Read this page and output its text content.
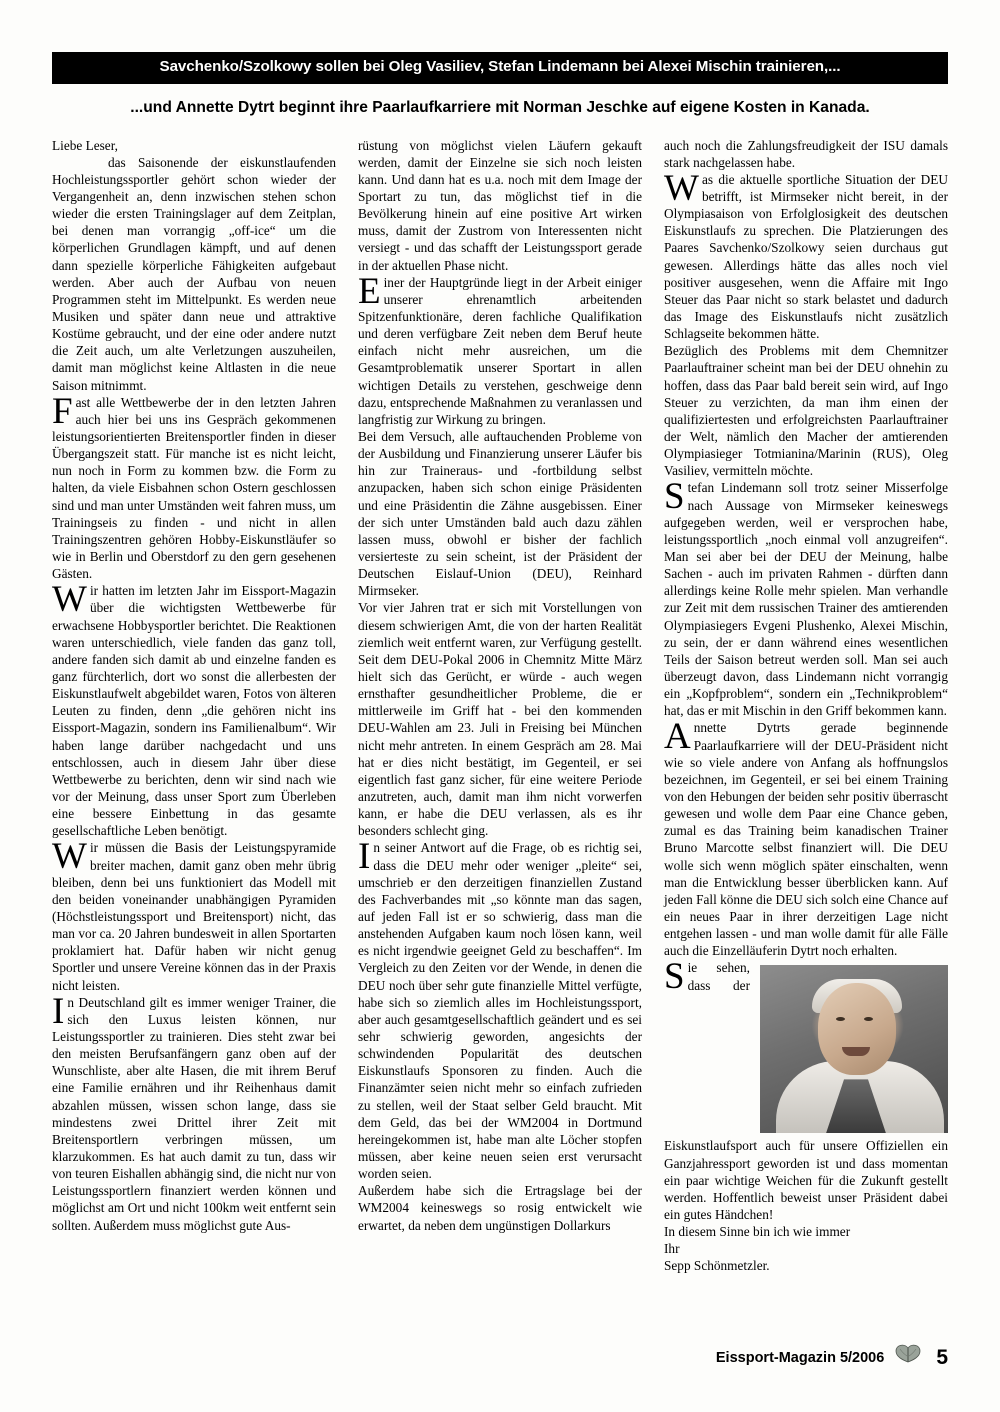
Savchenko/Szolkowy sollen bei Oleg Vasiliev, Stefan Lindemann bei Alexei Mischin trainieren,...
...und Annette Dytrt beginnt ihre Paarlaufkarriere mit Norman Jeschke auf eigene Kosten in Kanada.

Liebe Leser,

das Saisonende der eiskunstlaufenden Hochleistungssportler gehört schon wieder der Vergangenheit an, denn inzwischen stehen schon wieder die ersten Trainingslager auf dem Zeitplan, bei denen man vorrangig „off-ice“ um die körperlichen Grundlagen kämpft, und auf denen dann spezielle körperliche Fähigkeiten aufgebaut werden. Aber auch der Aufbau von neuen Programmen steht im Mittelpunkt. Es werden neue Musiken und später dann neue und attraktive Kostüme gebraucht, und der eine oder andere nutzt die Zeit auch, um alte Verletzungen auszuheilen, damit man möglichst keine Altlasten in die neue Saison mitnimmt.

Fast alle Wettbewerbe der in den letzten Jahren auch hier bei uns ins Gespräch gekommenen leistungsorientierten Breitensportler finden in dieser Übergangszeit statt. Für manche ist es nicht leicht, nun noch in Form zu kommen bzw. die Form zu halten, da viele Eisbahnen schon Ostern geschlossen sind und man unter Umständen weit fahren muss, um Trainingseis zu finden - und nicht in allen Trainingszentren gehören Hobby-Eiskunstläufer so wie in Berlin und Oberstdorf zu den gern gesehenen Gästen.

Wir hatten im letzten Jahr im Eissport-Magazin über die wichtigsten Wettbewerbe für erwachsene Hobbysportler berichtet. Die Reaktionen waren unterschiedlich, viele fanden das ganz toll, andere fanden sich damit ab und einzelne fanden es ganz fürchterlich, dort wo sonst die allerbesten der Eiskunstlaufwelt abgebildet waren, Fotos von älteren Leuten zu finden, denn „die gehören nicht ins Eissport-Magazin, sondern ins Familienalbum“. Wir haben lange darüber nachgedacht und uns entschlossen, auch in diesem Jahr über diese Wettbewerbe zu berichten, denn wir sind nach wie vor der Meinung, dass unser Sport zum Überleben eine bessere Einbettung in das gesamte gesellschaftliche Leben benötigt.

Wir müssen die Basis der Leistungspyramide breiter machen, damit ganz oben mehr übrig bleiben, denn bei uns funktioniert das Modell mit den beiden voneinander unabhängigen Pyramiden (Höchstleistungssport und Breitensport) nicht, das man vor ca. 20 Jahren bundesweit in allen Sportarten proklamiert hat. Dafür haben wir nicht genug Sportler und unsere Vereine können das in der Praxis nicht leisten.

In Deutschland gilt es immer weniger Trainer, die sich den Luxus leisten können, nur Leistungssportler zu trainieren. Dies steht zwar bei den meisten Berufsanfängern ganz oben auf der Wunschliste, aber alte Hasen, die mit ihrem Beruf eine Familie ernähren und ihr Reihenhaus damit abzahlen müssen, wissen schon lange, dass sie mindestens zwei Drittel ihrer Zeit mit Breitensportlern verbringen müssen, um klarzukommen. Es hat auch damit zu tun, dass wir von teuren Eishallen abhängig sind, die nicht nur von Leistungssportlern finanziert werden können und möglichst am Ort und nicht 100km weit entfernt sein sollten. Außerdem muss möglichst gute Aus-

rüstung von möglichst vielen Läufern gekauft werden, damit der Einzelne sie sich noch leisten kann. Und dann hat es u.a. noch mit dem Image der Sportart zu tun, das möglichst tief in die Bevölkerung hinein auf eine positive Art wirken muss, damit der Zustrom von Interessenten nicht versiegt - und das schafft der Leistungssport gerade in der aktuellen Phase nicht.

Einer der Hauptgründe liegt in der Arbeit einiger unserer ehrenamtlich arbeitenden Spitzenfunktionäre, deren fachliche Qualifikation und deren verfügbare Zeit neben dem Beruf heute einfach nicht mehr ausreichen, um die Gesamtproblematik unserer Sportart in allen wichtigen Details zu verstehen, geschweige denn dazu, entsprechende Maßnahmen zu veranlassen und langfristig zur Wirkung zu bringen.

Bei dem Versuch, alle auftauchenden Probleme von der Ausbildung und Finanzierung unserer Läufer bis hin zur Traineraus- und -fortbildung selbst anzupacken, haben sich schon einige Präsidenten und eine Präsidentin die Zähne ausgebissen. Einer der sich unter Umständen bald auch dazu zählen lassen muss, obwohl er bisher der fachlich versierteste zu sein scheint, ist der Präsident der Deutschen Eislauf-Union (DEU), Reinhard Mirmseker.

Vor vier Jahren trat er sich mit Vorstellungen von diesem schwierigen Amt, die von der harten Realität ziemlich weit entfernt waren, zur Verfügung gestellt. Seit dem DEU-Pokal 2006 in Chemnitz Mitte März hielt sich das Gerücht, er würde - auch wegen ernsthafter gesundheitlicher Probleme, die er mittlerweile im Griff hat - bei den kommenden DEU-Wahlen am 23. Juli in Freising bei München nicht mehr antreten. In einem Gespräch am 28. Mai hat er dies nicht bestätigt, im Gegenteil, er sei eigentlich fast ganz sicher, für eine weitere Periode anzutreten, auch, damit man ihm nicht vorwerfen kann, er habe die DEU verlassen, als es ihr besonders schlecht ging.

In seiner Antwort auf die Frage, ob es richtig sei, dass die DEU mehr oder weniger „pleite“ sei, umschrieb er den derzeitigen finanziellen Zustand des Fachverbandes mit „so könnte man das sagen, auf jeden Fall ist er so schwierig, dass man die anstehenden Aufgaben kaum noch lösen kann, weil es nicht irgendwie geeignet Geld zu beschaffen“. Im Vergleich zu den Zeiten vor der Wende, in denen die DEU noch über sehr gute finanzielle Mittel verfügte, habe sich so ziemlich alles im Hochleistungssport, aber auch gesamtgesellschaftlich geändert und es sei sehr schwierig geworden, angesichts der schwindenden Popularität des deutschen Eiskunstlaufs Sponsoren zu finden. Auch die Finanzämter seien nicht mehr so einfach zufrieden zu stellen, weil der Staat selber Geld braucht. Mit dem Geld, das bei der WM2004 in Dortmund hereingekommen ist, habe man alte Löcher stopfen müssen, aber keine neuen seien erst verursacht worden seien.

Außerdem habe sich die Ertragslage bei der WM2004 keineswegs so rosig entwickelt wie erwartet, da neben dem ungünstigen Dollarkurs

auch noch die Zahlungsfreudigkeit der ISU damals stark nachgelassen habe.

Was die aktuelle sportliche Situation der DEU betrifft, ist Mirmseker nicht bereit, in der Olympiasaison von Erfolglosigkeit des deutschen Eiskunstlaufs zu sprechen. Die Platzierungen des Paares Savchenko/Szolkowy seien durchaus gut gewesen. Allerdings hätte das alles noch viel positiver ausgesehen, wenn die Affaire mit Ingo Steuer das Paar nicht so stark belastet und dadurch das Image des Eiskunstlaufs nicht zusätzlich Schlagseite bekommen hätte.

Bezüglich des Problems mit dem Chemnitzer Paarlauftrainer scheint man bei der DEU ohnehin zu hoffen, dass das Paar bald bereit sein wird, auf Ingo Steuer zu verzichten, da man ihm einen der qualifiziertesten und erfolgreichsten Paarlauftrainer der Welt, nämlich den Macher der amtierenden Olympiasieger Totmianina/Marinin (RUS), Oleg Vasiliev, vermitteln möchte.

Stefan Lindemann soll trotz seiner Misserfolge nach Aussage von Mirmseker keineswegs aufgegeben werden, weil er versprochen habe, leistungssportlich „noch einmal voll anzugreifen“. Man sei aber bei der DEU der Meinung, halbe Sachen - auch im privaten Rahmen - dürften dann allerdings keine Rolle mehr spielen. Man verhandle zur Zeit mit dem russischen Trainer des amtierenden Olympiasiegers Evgeni Plushenko, Alexei Mischin, zu sein, der er dann während eines wesentlichen Teils der Saison betreut werden soll. Man sei auch überzeugt davon, dass Lindemann nicht vorrangig ein „Kopfproblem“, sondern ein „Technikproblem“ hat, das er mit Mischin in den Griff bekommen kann.

Annette Dytrts gerade beginnende Paarlaufkarriere will der DEU-Präsident nicht wie so viele andere von Anfang als hoffnungslos bezeichnen, im Gegenteil, er sei bei einem Training von den Hebungen der beiden sehr positiv überrascht gewesen und wolle dem Paar eine Chance geben, zumal es das Training beim kanadischen Trainer Bruno Marcotte selbst finanziert will. Die DEU wolle sich wenn möglich später einschalten, wenn man die Entwicklung besser überblicken kann. Auf jeden Fall könne die DEU sich solch eine Chance auf ein neues Paar in ihrer derzeitigen Lage nicht entgehen lassen - und man wolle damit für alle Fälle auch die Einzelläuferin Dytrt noch erhalten.

Sie sehen, dass der Eiskunstlaufsport auch für unsere Offiziellen ein Ganzjahressport geworden ist und dass momentan ein paar wichtige Weichen für die Zukunft gestellt werden. Hoffentlich beweist unser Präsident dabei ein gutes Händchen!

In diesem Sinne bin ich wie immer

Ihr

Sepp Schönmetzler.

Eissport-Magazin 5/2006 5
